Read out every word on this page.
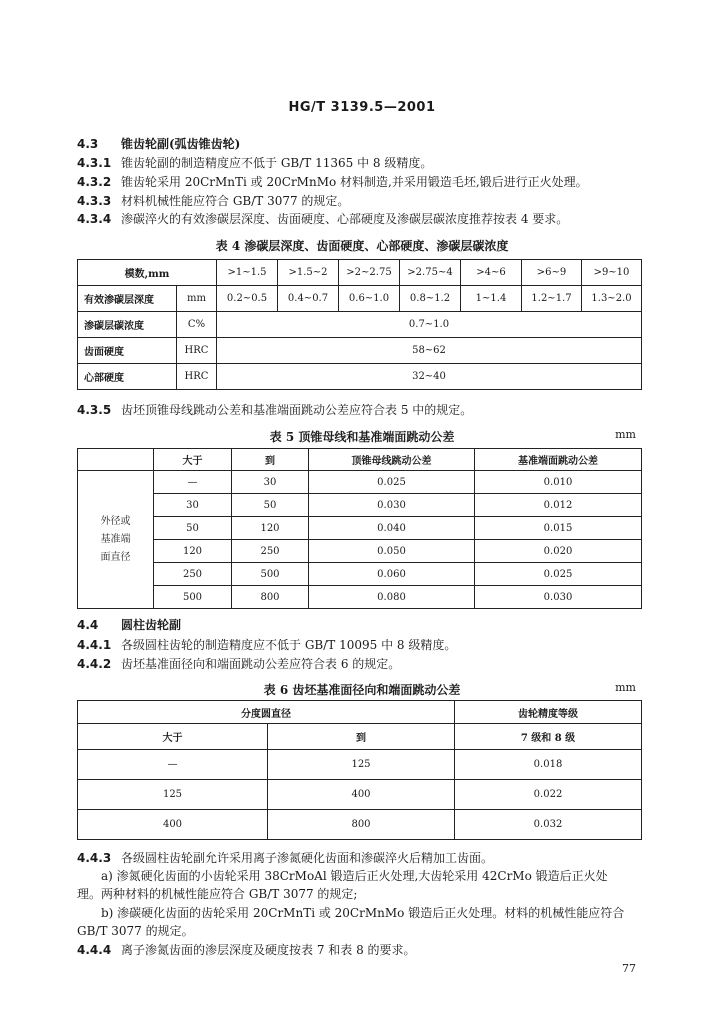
HG/T 3139.5—2001
4.3 锥齿轮副(弧齿锥齿轮)
4.3.1 锥齿轮副的制造精度应不低于 GB/T 11365 中 8 级精度。
4.3.2 锥齿轮采用 20CrMnTi 或 20CrMnMo 材料制造,并采用锻造毛坯,锻后进行正火处理。
4.3.3 材料机械性能应符合 GB/T 3077 的规定。
4.3.4 渗碳淬火的有效渗碳层深度、齿面硬度、心部硬度及渗碳层碳浓度推荐按表 4 要求。
表 4 渗碳层深度、齿面硬度、心部硬度、渗碳层碳浓度
模数,mm		>1~1.5	>1.5~2	>2~2.75	>2.75~4	>4~6	>6~9	>9~10
有效渗碳层深度	mm	0.2~0.5	0.4~0.7	0.6~1.0	0.8~1.2	1~1.4	1.2~1.7	1.3~2.0
渗碳层碳浓度	C%	0.7~1.0						
齿面硬度	HRC	58~62						
心部硬度	HRC	32~40						
4.3.5 齿坯顶锥母线跳动公差和基准端面跳动公差应符合表 5 中的规定。
表 5 顶锥母线和基准端面跳动公差	mm
	大于	到	顶锥母线跳动公差	基准端面跳动公差

外径或
基准端
面直径	—	30	0.025	0.010
	30	50	0.030	0.012
	50	120	0.040	0.015
	120	250	0.050	0.020
	250	500	0.060	0.025
	500	800	0.080	0.030
4.4 圆柱齿轮副
4.4.1 各级圆柱齿轮的制造精度应不低于 GB/T 10095 中 8 级精度。
4.4.2 齿坯基准面径向和端面跳动公差应符合表 6 的规定。
表 6 齿坯基准面径向和端面跳动公差	mm
分度圆直径		齿轮精度等级
大于	到	7 级和 8 级
—	125	0.018
125	400	0.022
400	800	0.032
4.4.3 各级圆柱齿轮副允许采用离子渗氮硬化齿面和渗碳淬火后精加工齿面。
a) 渗氮硬化齿面的小齿轮采用 38CrMoAl 锻造后正火处理,大齿轮采用 42CrMo 锻造后正火处
理。两种材料的机械性能应符合 GB/T 3077 的规定;
b) 渗碳硬化齿面的齿轮采用 20CrMnTi 或 20CrMnMo 锻造后正火处理。材料的机械性能应符合
GB/T 3077 的规定。
4.4.4 离子渗氮齿面的渗层深度及硬度按表 7 和表 8 的要求。
77
